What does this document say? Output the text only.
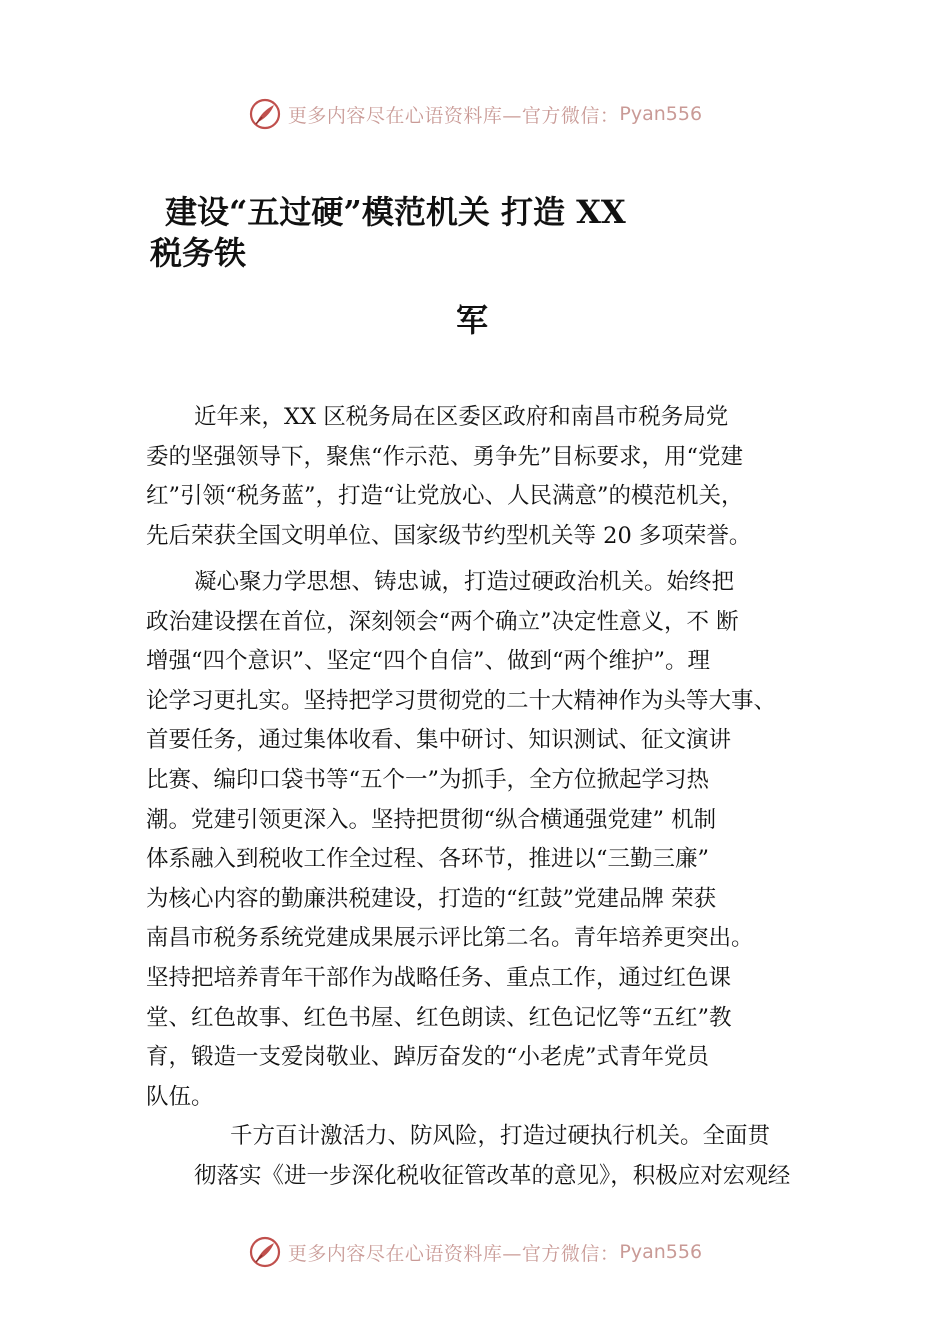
更多内容尽在心语资料库—官方微信： Pyan556
建设“五过硬”模范机关 打造 XX
税务铁
军
近年来，XX 区税务局在区委区政府和南昌市税务局党
委的坚强领导下，聚焦“作示范、勇争先”目标要求，用“党建
红”引领“税务蓝”，打造“让党放心、人民满意”的模范机关，
先后荣获全国文明单位、国家级节约型机关等 20 多项荣誉。
凝心聚力学思想、铸忠诚，打造过硬政治机关。始终把
政治建设摆在首位，深刻领会“两个确立”决定性意义，不 断
增强“四个意识”、坚定“四个自信”、做到“两个维护”。理
论学习更扎实。坚持把学习贯彻党的二十大精神作为头等大事、
首要任务，通过集体收看、集中研讨、知识测试、征文演讲
比赛、编印口袋书等“五个一”为抓手，全方位掀起学习热
潮。党建引领更深入。坚持把贯彻“纵合横通强党建” 机制
体系融入到税收工作全过程、各环节，推进以“三勤三廉”
为核心内容的勤廉洪税建设，打造的“红鼓”党建品牌 荣获
南昌市税务系统党建成果展示评比第二名。青年培养更突出。
坚持把培养青年干部作为战略任务、重点工作，通过红色课
堂、红色故事、红色书屋、红色朗读、红色记忆等“五红”教
育，锻造一支爱岗敬业、踔厉奋发的“小老虎”式青年党员
队伍。
千方百计激活力、防风险，打造过硬执行机关。全面贯
彻落实《进一步深化税收征管改革的意见》，积极应对宏观经
更多内容尽在心语资料库—官方微信： Pyan556
